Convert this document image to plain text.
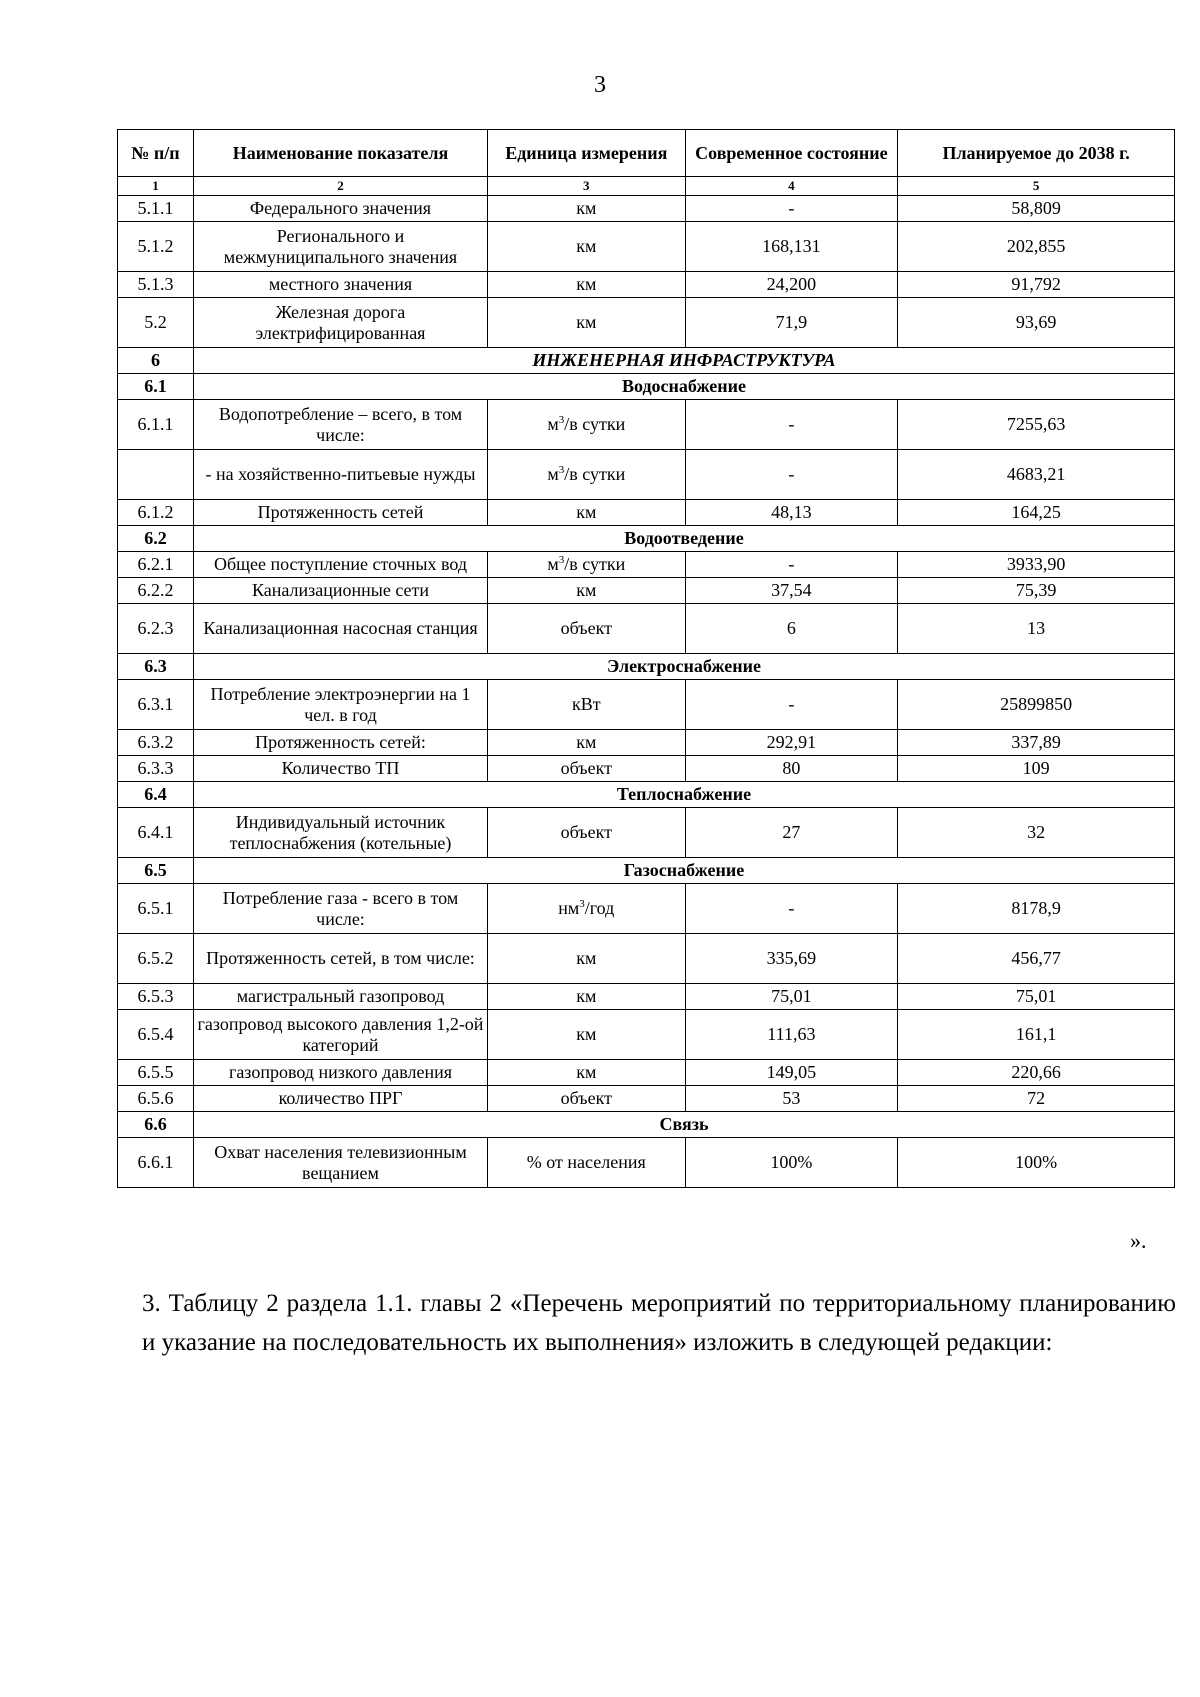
3
№ п/п	Наименование показателя	Единица измерения	Современное состояние	Планируемое до 2038 г.
1	2	3	4	5
5.1.1	Федерального значения	км	-	58,809
5.1.2	Регионального и межмуниципального значения	км	168,131	202,855
5.1.3	местного значения	км	24,200	91,792
5.2	Железная дорога электрифицированная	км	71,9	93,69
6	ИНЖЕНЕРНАЯ ИНФРАСТРУКТУРА			
6.1	Водоснабжение			
6.1.1	Водопотребление – всего, в том числе:	$м^3/в$ сутки	-	7255,63
	- на хозяйственно-питьевые нужды	$м^3/в$ сутки	-	4683,21
6.1.2	Протяженность сетей	км	48,13	164,25
6.2	Водоотведение			
6.2.1	Общее поступление сточных вод	$м^3/в$ сутки	-	3933,90
6.2.2	Канализационные сети	км	37,54	75,39
6.2.3	Канализационная насосная станция	объект	6	13
6.3	Электроснабжение			
6.3.1	Потребление электроэнергии на 1 чел. в год	кВт	-	25899850
6.3.2	Протяженность сетей:	км	292,91	337,89
6.3.3	Количество ТП	объект	80	109
6.4	Теплоснабжение			
6.4.1	Индивидуальный источник теплоснабжения (котельные)	объект	27	32
6.5	Газоснабжение			
6.5.1	Потребление газа - всего в том числе:	$нм^3$/год	-	8178,9
6.5.2	Протяженность сетей, в том числе:	км	335,69	456,77
6.5.3	магистральный газопровод	км	75,01	75,01
6.5.4	газопровод высокого давления 1,2-ой категорий	км	111,63	161,1
6.5.5	газопровод низкого давления	км	149,05	220,66
6.5.6	количество ПРГ	объект	53	72
6.6	Связь			
6.6.1	Охват населения телевизионным вещанием	% от населения	100%	100%
».
3. Таблицу 2 раздела 1.1. главы 2 «Перечень мероприятий по территориальному планированию и указание на последовательность их выполнения» изложить в следующей редакции:
